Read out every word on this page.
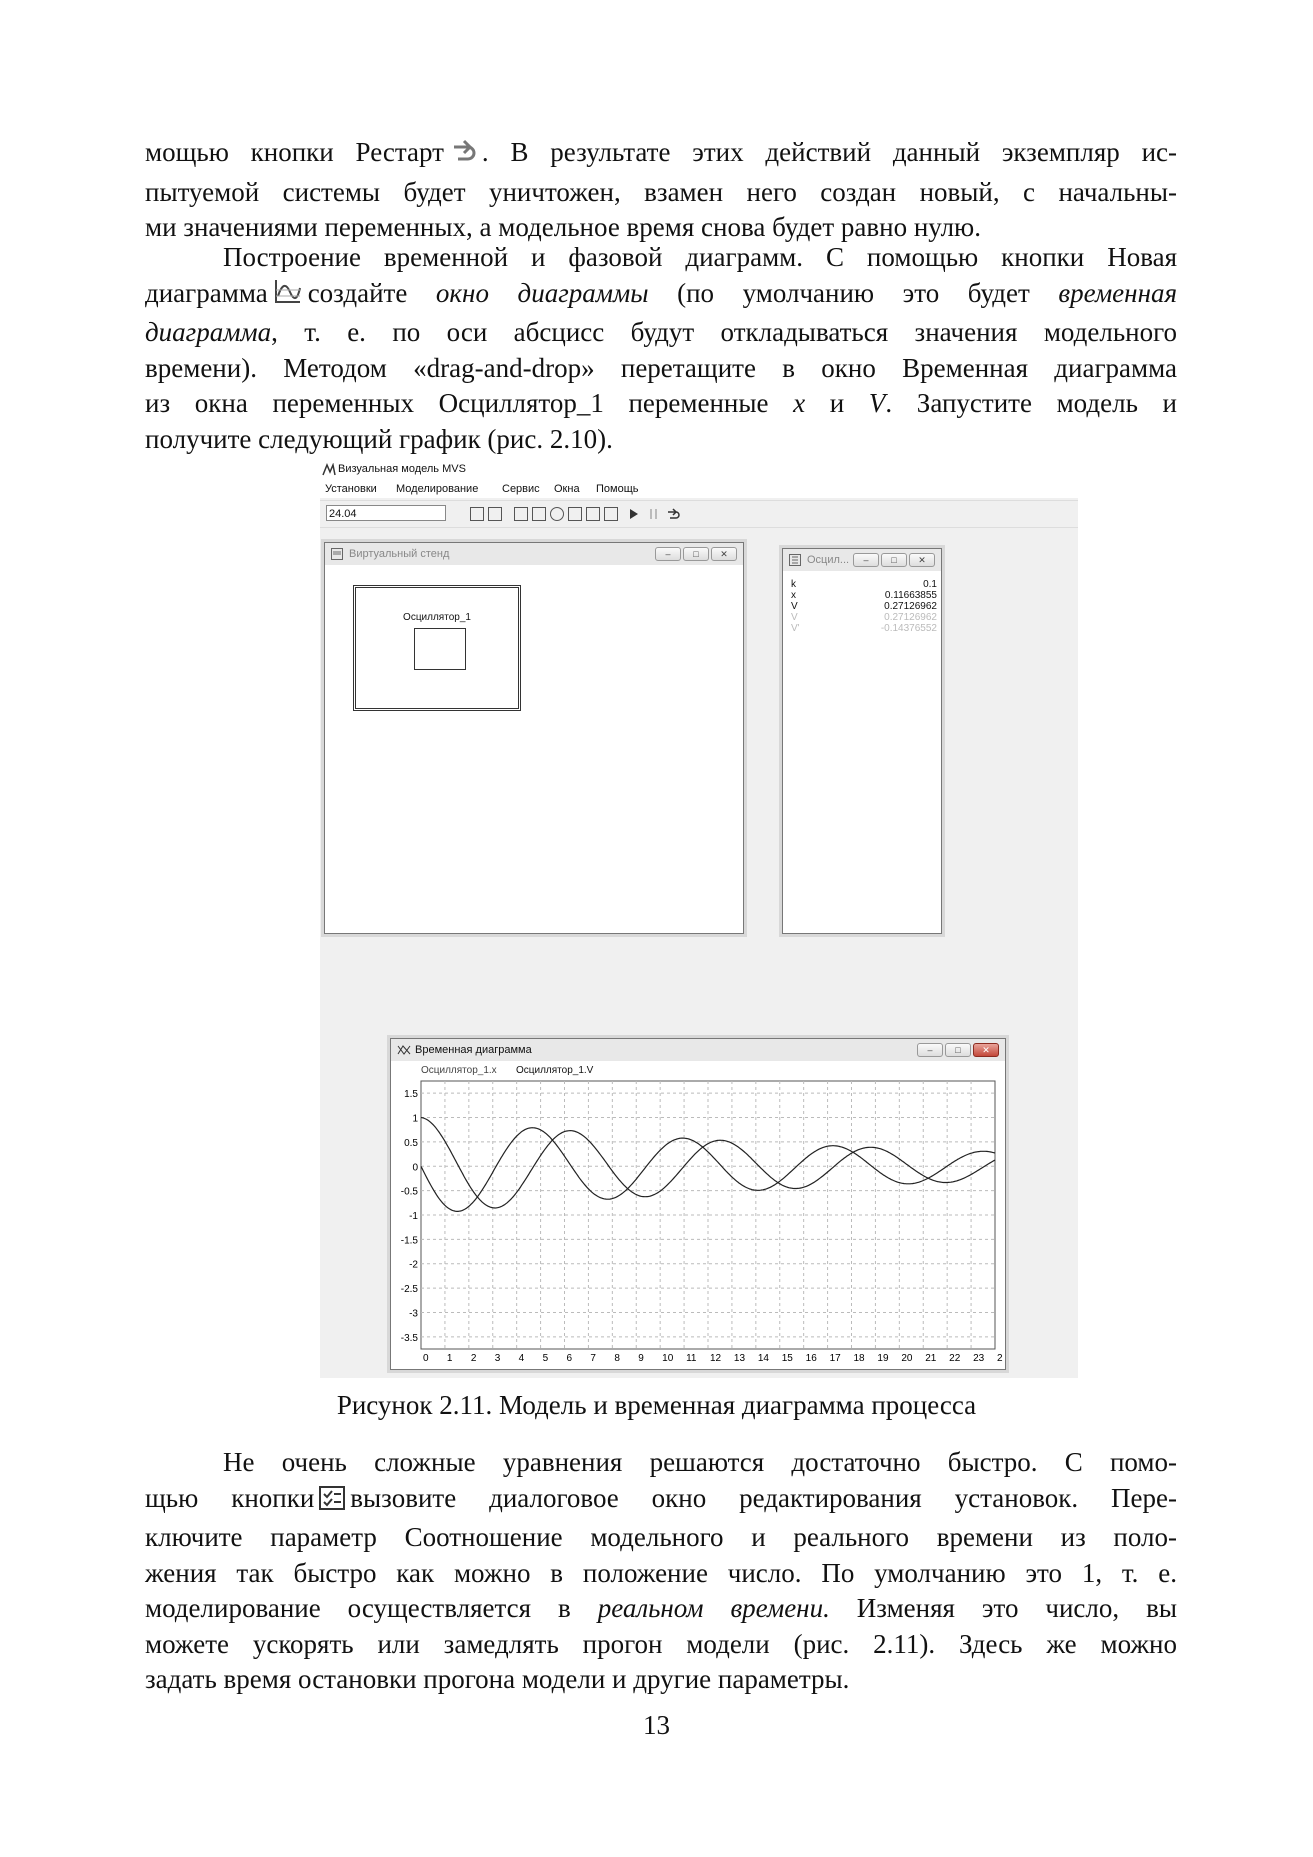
мощью кнопки Рестарт . В результате этих действий данный экземпляр ис-
пытуемой системы будет уничтожен, взамен него создан новый, с начальны-
ми значениями переменных, а модельное время снова будет равно нулю.
Построение временной и фазовой диаграмм. С помощью кнопки Новая
диаграмма создайте окно диаграммы (по умолчанию это будет временная
диаграмма, т. е. по оси абсцисс будут откладываться значения модельного
времени). Методом «drag-and-drop» перетащите в окно Временная диаграмма
из окна переменных Осциллятор_1 переменные x и V. Запустите модель и
получите следующий график (рис. 2.10).
Визуальная модель MVS
Установки Моделирование Сервис Окна Помощь
24.04
Виртуальный стенд	–	□	✕
Осциллятор_1
Осцил...	–	□	✕
k	0.1
x	0.11663855
V	0.27126962
V	0.27126962
V'	-0.14376552
Временная диаграмма	–	□	✕
Осциллятор_1.x Осциллятор_1.V
0 1 2 3 4 5 6 7 8 9 10 11 12 13 14 15 16 17 18 19 20 21 22 23 2
1.5
1
0.5
0
-0.5
-1
-1.5
-2
-2.5
-3
-3.5
Рисунок 2.11. Модель и временная диаграмма процесса
Не очень сложные уравнения решаются достаточно быстро. С помо-
щью кнопки вызовите диалоговое окно редактирования установок. Пере-
ключите параметр Соотношение модельного и реального времени из поло-
жения так быстро как можно в положение число. По умолчанию это 1, т. е.
моделирование осуществляется в реальном времени. Изменяя это число, вы
можете ускорять или замедлять прогон модели (рис. 2.11). Здесь же можно
задать время остановки прогона модели и другие параметры.
13
